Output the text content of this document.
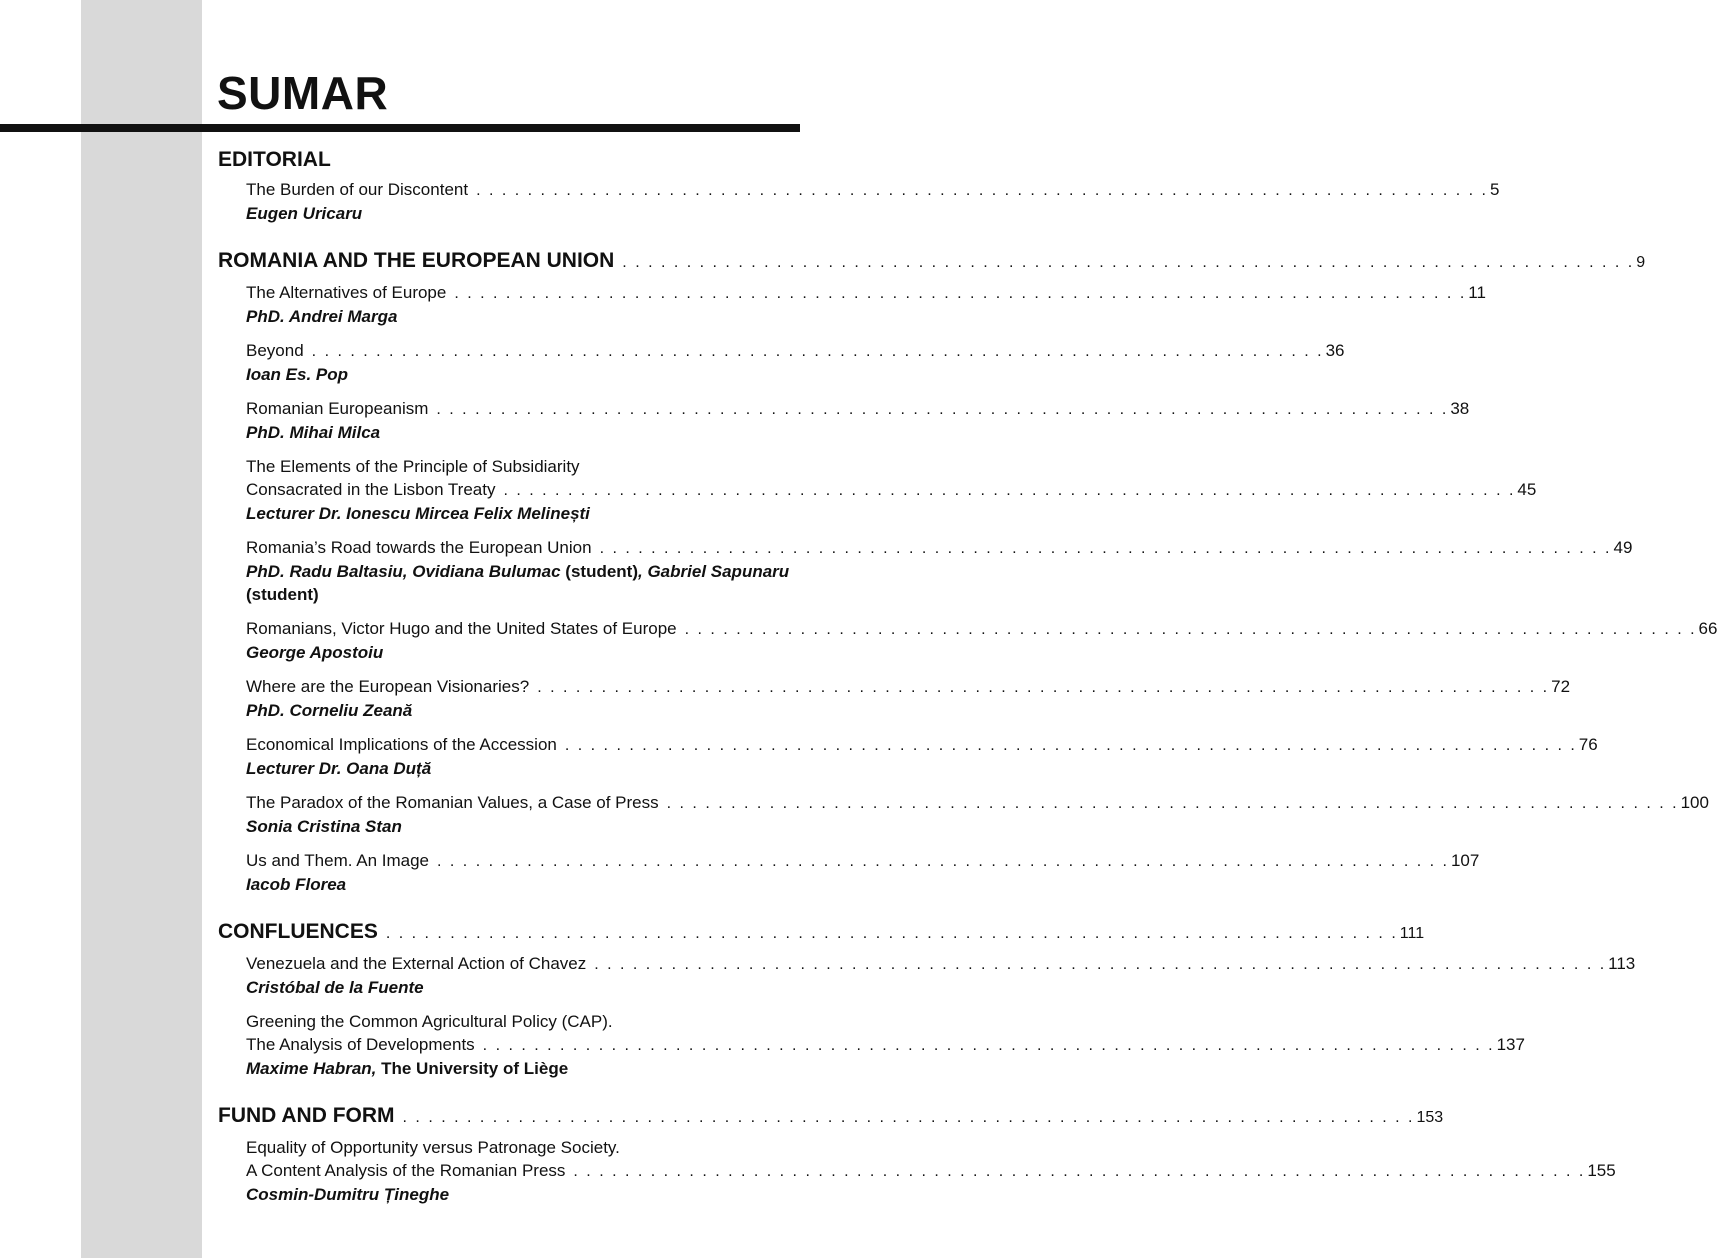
SUMAR
EDITORIAL
The Burden of our Discontent . . . . . . . . . . . . . . . . . . . . . . . . . . . . . . . . . . . . . . . . . . . . . . . . . . . . . . . . . . . . . . . . . . . . . . . . . . . . . . . 5
Eugen Uricaru
ROMANIA AND THE EUROPEAN UNION . . . . . . . . . . . . . . . . . . . . . . . . . . . . . . . . . . . . . . . . . . . . . . . . . . . . . . . . . . . . . . . . . . . . . . . . . . . . . . . 9
The Alternatives of Europe . . . . . . . . . . . . . . . . . . . . . . . . . . . . . . . . . . . . . . . . . . . . . . . . . . . . . . . . . . . . . . . . . . . . . . . . . . . . . . . 11
PhD. Andrei Marga
Beyond . . . . . . . . . . . . . . . . . . . . . . . . . . . . . . . . . . . . . . . . . . . . . . . . . . . . . . . . . . . . . . . . . . . . . . . . . . . . . . . 36
Ioan Es. Pop
Romanian Europeanism . . . . . . . . . . . . . . . . . . . . . . . . . . . . . . . . . . . . . . . . . . . . . . . . . . . . . . . . . . . . . . . . . . . . . . . . . . . . . . . 38
PhD. Mihai Milca
The Elements of the Principle of Subsidiarity
Consacrated in the Lisbon Treaty . . . . . . . . . . . . . . . . . . . . . . . . . . . . . . . . . . . . . . . . . . . . . . . . . . . . . . . . . . . . . . . . . . . . . . . . . . . . . . . 45
Lecturer Dr. Ionescu Mircea Felix Melinești
Romania’s Road towards the European Union . . . . . . . . . . . . . . . . . . . . . . . . . . . . . . . . . . . . . . . . . . . . . . . . . . . . . . . . . . . . . . . . . . . . . . . . . . . . . . . 49
PhD. Radu Baltasiu, Ovidiana Bulumac (student), Gabriel Sapunaru (student)
Romanians, Victor Hugo and the United States of Europe . . . . . . . . . . . . . . . . . . . . . . . . . . . . . . . . . . . . . . . . . . . . . . . . . . . . . . . . . . . . . . . . . . . . . . . . . . . . . . . 66
George Apostoiu
Where are the European Visionaries? . . . . . . . . . . . . . . . . . . . . . . . . . . . . . . . . . . . . . . . . . . . . . . . . . . . . . . . . . . . . . . . . . . . . . . . . . . . . . . . 72
PhD. Corneliu Zeană
Economical Implications of the Accession . . . . . . . . . . . . . . . . . . . . . . . . . . . . . . . . . . . . . . . . . . . . . . . . . . . . . . . . . . . . . . . . . . . . . . . . . . . . . . . 76
Lecturer Dr. Oana Duță
The Paradox of the Romanian Values, a Case of Press . . . . . . . . . . . . . . . . . . . . . . . . . . . . . . . . . . . . . . . . . . . . . . . . . . . . . . . . . . . . . . . . . . . . . . . . . . . . . . . 100
Sonia Cristina Stan
Us and Them. An Image . . . . . . . . . . . . . . . . . . . . . . . . . . . . . . . . . . . . . . . . . . . . . . . . . . . . . . . . . . . . . . . . . . . . . . . . . . . . . . . 107
Iacob Florea
CONFLUENCES . . . . . . . . . . . . . . . . . . . . . . . . . . . . . . . . . . . . . . . . . . . . . . . . . . . . . . . . . . . . . . . . . . . . . . . . . . . . . . . 111
Venezuela and the External Action of Chavez . . . . . . . . . . . . . . . . . . . . . . . . . . . . . . . . . . . . . . . . . . . . . . . . . . . . . . . . . . . . . . . . . . . . . . . . . . . . . . . 113
Cristóbal de la Fuente
Greening the Common Agricultural Policy (CAP).
The Analysis of Developments . . . . . . . . . . . . . . . . . . . . . . . . . . . . . . . . . . . . . . . . . . . . . . . . . . . . . . . . . . . . . . . . . . . . . . . . . . . . . . . 137
Maxime Habran, The University of Liège
FUND AND FORM . . . . . . . . . . . . . . . . . . . . . . . . . . . . . . . . . . . . . . . . . . . . . . . . . . . . . . . . . . . . . . . . . . . . . . . . . . . . . . . 153
Equality of Opportunity versus Patronage Society.
A Content Analysis of the Romanian Press . . . . . . . . . . . . . . . . . . . . . . . . . . . . . . . . . . . . . . . . . . . . . . . . . . . . . . . . . . . . . . . . . . . . . . . . . . . . . . . 155
Cosmin-Dumitru Țineghe
